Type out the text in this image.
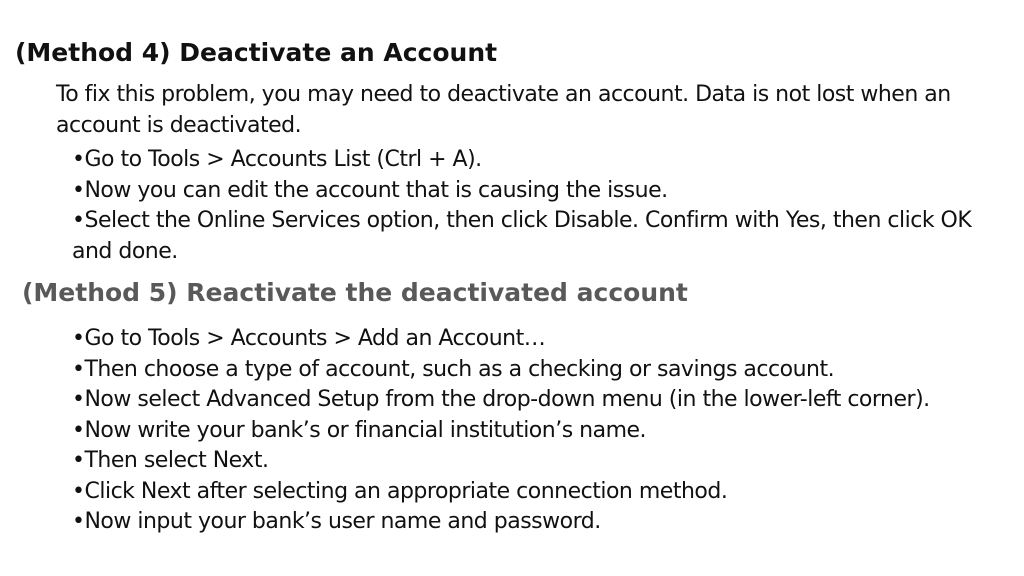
(Method 4) Deactivate an Account

To fix this problem, you may need to deactivate an account. Data is not lost when an account is deactivated.

•Go to Tools > Accounts List (Ctrl + A).
•Now you can edit the account that is causing the issue.
•Select the Online Services option, then click Disable. Confirm with Yes, then click OK and done.
(Method 5) Reactivate the deactivated account
•Go to Tools > Accounts > Add an Account…
•Then choose a type of account, such as a checking or savings account.
•Now select Advanced Setup from the drop-down menu (in the lower-left corner).
•Now write your bank’s or financial institution’s name.
•Then select Next.
•Click Next after selecting an appropriate connection method.
•Now input your bank’s user name and password.
